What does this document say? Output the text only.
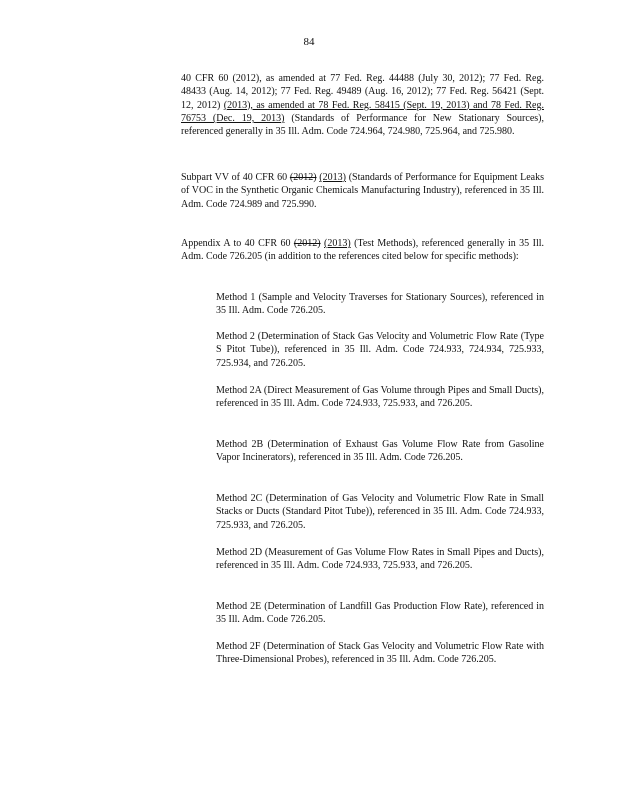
84

40 CFR 60 (2012), as amended at 77 Fed. Reg. 44488 (July 30, 2012); 77 Fed. Reg. 48433 (Aug. 14, 2012); 77 Fed. Reg. 49489 (Aug. 16, 2012); 77 Fed. Reg. 56421 (Sept. 12, 2012) (2013), as amended at 78 Fed. Reg. 58415 (Sept. 19, 2013) and 78 Fed. Reg. 76753 (Dec. 19, 2013) (Standards of Performance for New Stationary Sources), referenced generally in 35 Ill. Adm. Code 724.964, 724.980, 725.964, and 725.980.

Subpart VV of 40 CFR 60 (2012) (2013) (Standards of Performance for Equipment Leaks of VOC in the Synthetic Organic Chemicals Manufacturing Industry), referenced in 35 Ill. Adm. Code 724.989 and 725.990.

Appendix A to 40 CFR 60 (2012) (2013) (Test Methods), referenced generally in 35 Ill. Adm. Code 726.205 (in addition to the references cited below for specific methods):

Method 1 (Sample and Velocity Traverses for Stationary Sources), referenced in 35 Ill. Adm. Code 726.205.

Method 2 (Determination of Stack Gas Velocity and Volumetric Flow Rate (Type S Pitot Tube)), referenced in 35 Ill. Adm. Code 724.933, 724.934, 725.933, 725.934, and 726.205.

Method 2A (Direct Measurement of Gas Volume through Pipes and Small Ducts), referenced in 35 Ill. Adm. Code 724.933, 725.933, and 726.205.

Method 2B (Determination of Exhaust Gas Volume Flow Rate from Gasoline Vapor Incinerators), referenced in 35 Ill. Adm. Code 726.205.

Method 2C (Determination of Gas Velocity and Volumetric Flow Rate in Small Stacks or Ducts (Standard Pitot Tube)), referenced in 35 Ill. Adm. Code 724.933, 725.933, and 726.205.

Method 2D (Measurement of Gas Volume Flow Rates in Small Pipes and Ducts), referenced in 35 Ill. Adm. Code 724.933, 725.933, and 726.205.

Method 2E (Determination of Landfill Gas Production Flow Rate), referenced in 35 Ill. Adm. Code 726.205.

Method 2F (Determination of Stack Gas Velocity and Volumetric Flow Rate with Three-Dimensional Probes), referenced in 35 Ill. Adm. Code 726.205.
